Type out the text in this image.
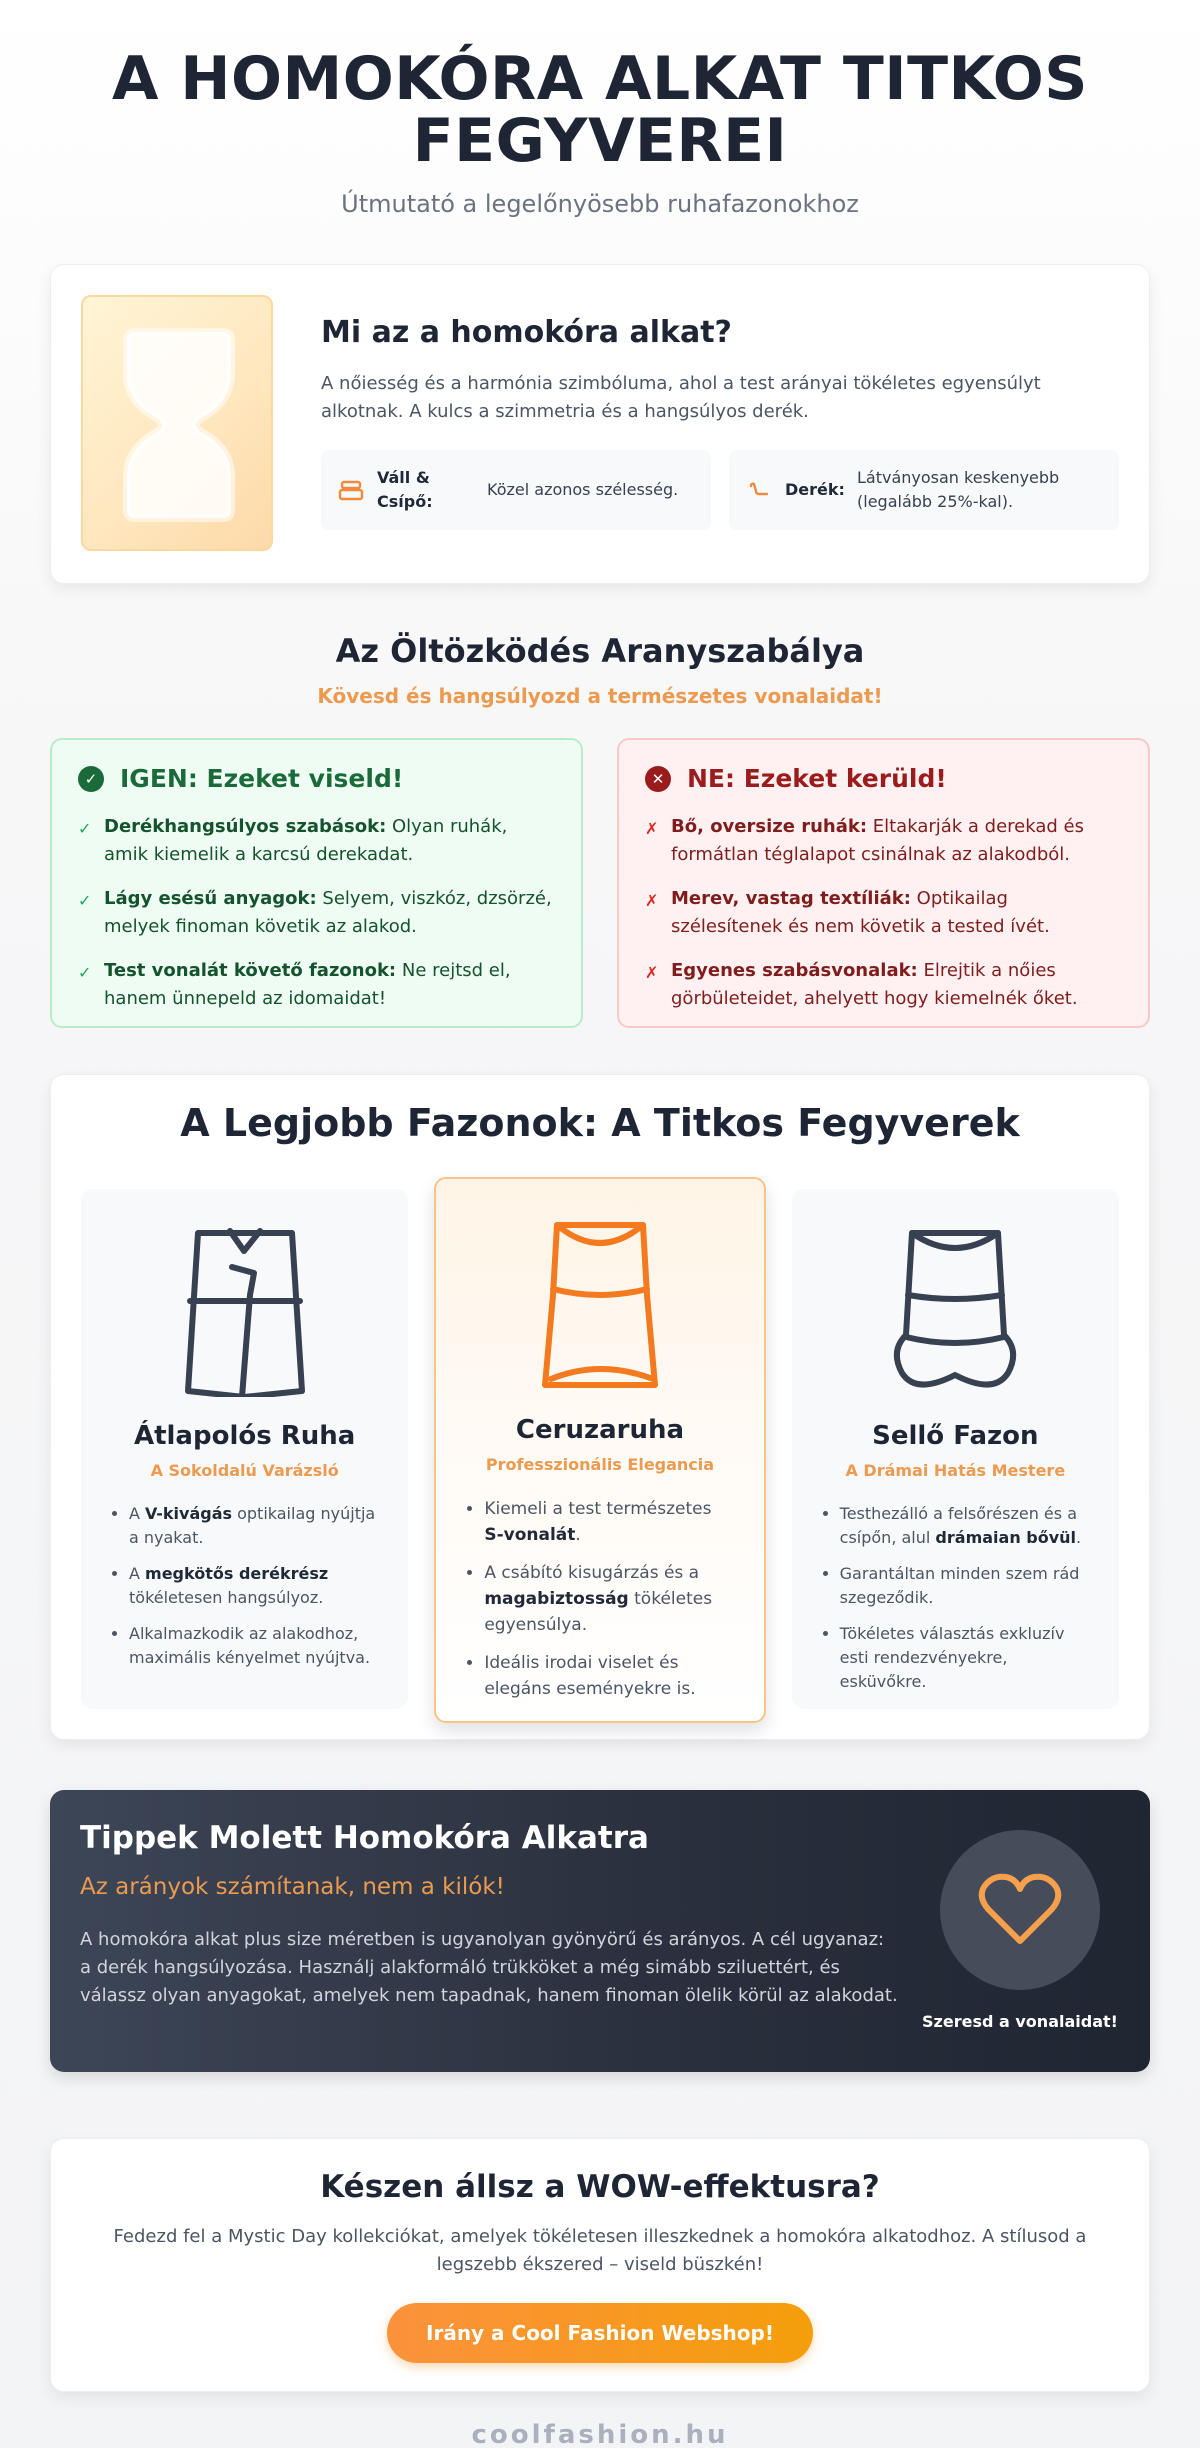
A HOMOKÓRA ALKAT TITKOS
FEGYVEREI

Útmutató a legelőnyösebb ruhafazonokhoz

Mi az a homokóra alkat?

A nőiesség és a harmónia szimbóluma, ahol a test arányai tökéletes egyensúlyt alkotnak. A kulcs a szimmetria és a hangsúlyos derék.

Váll & Csípő:
Közel azonos szélesség.	Derék:
Látványosan keskenyebb (legalább 25%-kal).
Az Öltözködés Aranyszabálya

Kövesd és hangsúlyozd a természetes vonalaidat!

✓ IGEN: Ezeket viseld!
✓ Derékhangsúlyos szabások: Olyan ruhák, amik kiemelik a karcsú derekadat.
✓ Lágy esésű anyagok: Selyem, viszkóz, dzsörzé, melyek finoman követik az alakod.
✓ Test vonalát követő fazonok: Ne rejtsd el, hanem ünnepeld az idomaidat!
✕ NE: Ezeket kerüld!
✗ Bő, oversize ruhák: Eltakarják a derekad és formátlan téglalapot csinálnak az alakodból.
✗ Merev, vastag textíliák: Optikailag szélesítenek és nem követik a tested ívét.
✗ Egyenes szabásvonalak: Elrejtik a nőies görbületeidet, ahelyett hogy kiemelnék őket.
A Legjobb Fazonok: A Titkos Fegyverek
Átlapolós Ruha
A Sokoldalú Varázsló
• A V-kivágás optikailag nyújtja a nyakat.
• A megkötős derékrész tökéletesen hangsúlyoz.
• Alkalmazkodik az alakodhoz, maximális kényelmet nyújtva.
Ceruzaruha
Professzionális Elegancia
• Kiemeli a test természetes S-vonalát.
• A csábító kisugárzás és a magabiztosság tökéletes egyensúlya.
• Ideális irodai viselet és elegáns eseményekre is.
Sellő Fazon
A Drámai Hatás Mestere
• Testhezálló a felsőrészen és a csípőn, alul drámaian bővül.
• Garantáltan minden szem rád szegeződik.
• Tökéletes választás exkluzív esti rendezvényekre, esküvőkre.
Tippek Molett Homokóra Alkatra
Az arányok számítanak, nem a kilók!

A homokóra alkat plus size méretben is ugyanolyan gyönyörű és arányos. A cél ugyanaz: a derék hangsúlyozása. Használj alakformáló trükköket a még simább sziluettért, és válassz olyan anyagokat, amelyek nem tapadnak, hanem finoman ölelik körül az alakodat.

Szeresd a vonalaidat!
Készen állsz a WOW-effektusra?

Fedezd fel a Mystic Day kollekciókat, amelyek tökéletesen illeszkednek a homokóra alkatodhoz. A stílusod a legszebb ékszered – viseld büszkén!

Irány a Cool Fashion Webshop!
coolfashion.hu
